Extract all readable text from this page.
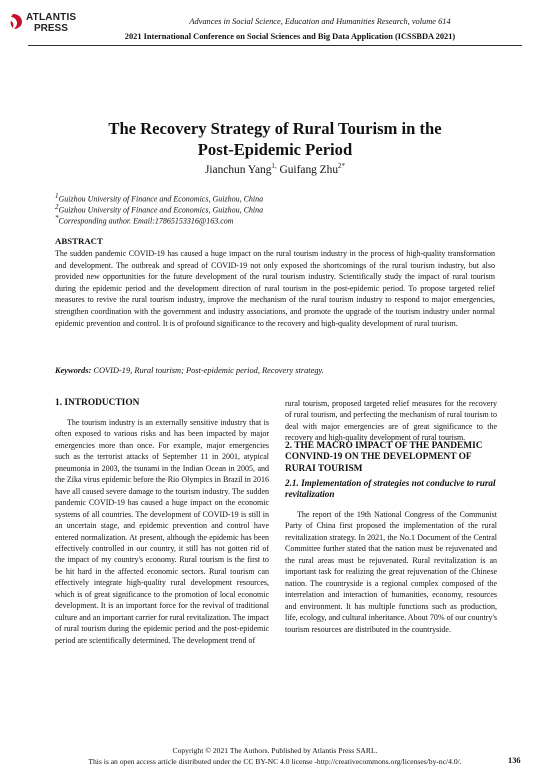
ATLANTIS
PRESS
Advances in Social Science, Education and Humanities Research, volume 614
2021 International Conference on Social Sciences and Big Data Application (ICSSBDA 2021)
The Recovery Strategy of Rural Tourism in the
Post-Epidemic Period
Jianchun Yang$^{1,}$ Guifang Zhu$^{2*}$
$^1$Guizhou University of Finance and Economics, Guizhou, China
$^2$Guizhou University of Finance and Economics, Guizhou, China
*Corresponding author. Email:17865153316@163.com
ABSTRACT
The sudden pandemic COVID-19 has caused a huge impact on the rural tourism industry in the process of high-quality transformation and development. The outbreak and spread of COVID-19 not only exposed the shortcomings of the rural tourism industry, but also provided new opportunities for the future development of the rural tourism industry. Scientifically study the impact of rural tourism during the epidemic period and the development direction of rural tourism in the post-epidemic period. To propose targeted relief measures to revive the rural tourism industry, improve the mechanism of the rural tourism industry to respond to major emergencies, strengthen coordination with the government and industry associations, and promote the upgrade of the tourism industry under normal epidemic prevention and control. It is of profound significance to the recovery and high-quality development of rural tourism.
Keywords: COVID-19, Rural tourism; Post-epidemic period, Recovery strategy.
1. INTRODUCTION

The tourism industry is an externally sensitive industry that is often exposed to various risks and has been impacted by major emergencies more than once. For example, major emergencies such as the terrorist attacks of September 11 in 2001, atypical pneumonia in 2003, the tsunami in the Indian Ocean in 2005, and the Zika virus epidemic before the Rio Olympics in Brazil in 2016 have all caused severe damage to the tourism industry. The sudden pandemic COVID-19 has caused a huge impact on the economic systems of all countries. The development of COVID-19 is still in an uncertain stage, and epidemic prevention and control have entered normalization. At present, although the epidemic has been effectively controlled in our country, it still has not gotten rid of the impact of my country's economy. Rural tourism is the first to be hit hard in the affected economic sectors. Rural tourism can effectively integrate high-quality rural development resources, which is of great significance to the promotion of local economic development. It is an important force for the revival of traditional culture and an important carrier for rural revitalization. The impact of rural tourism during the epidemic period and the post-epidemic period are scientifically determined. The development trend of

rural tourism, proposed targeted relief measures for the recovery of rural tourism, and perfecting the mechanism of rural tourism to deal with major emergencies are of great significance to the recovery and high-quality development of rural tourism.
2. THE MACRO IMPACT OF THE PANDEMIC CONVIND-19 ON THE DEVELOPMENT OF RURAI TOURISM
2.1. Implementation of strategies not conducive to rural revitalization

The report of the 19th National Congress of the Communist Party of China first proposed the implementation of the rural revitalization strategy. In 2021, the No.1 Document of the Central Committee further stated that the nation must be rejuvenated and the rural areas must be rejuvenated. Rural revitalization is an important task for realizing the great rejuvenation of the Chinese nation. The countryside is a regional complex composed of the interrelation and interaction of humanities, economy, resources and environment. It has multiple functions such as production, life, ecology, and cultural inheritance. About 70% of our country's tourism resources are distributed in the countryside.

Copyright © 2021 The Authors. Published by Atlantis Press SARL.
This is an open access article distributed under the CC BY-NC 4.0 license -http://creativecommons.org/licenses/by-nc/4.0/.	136
